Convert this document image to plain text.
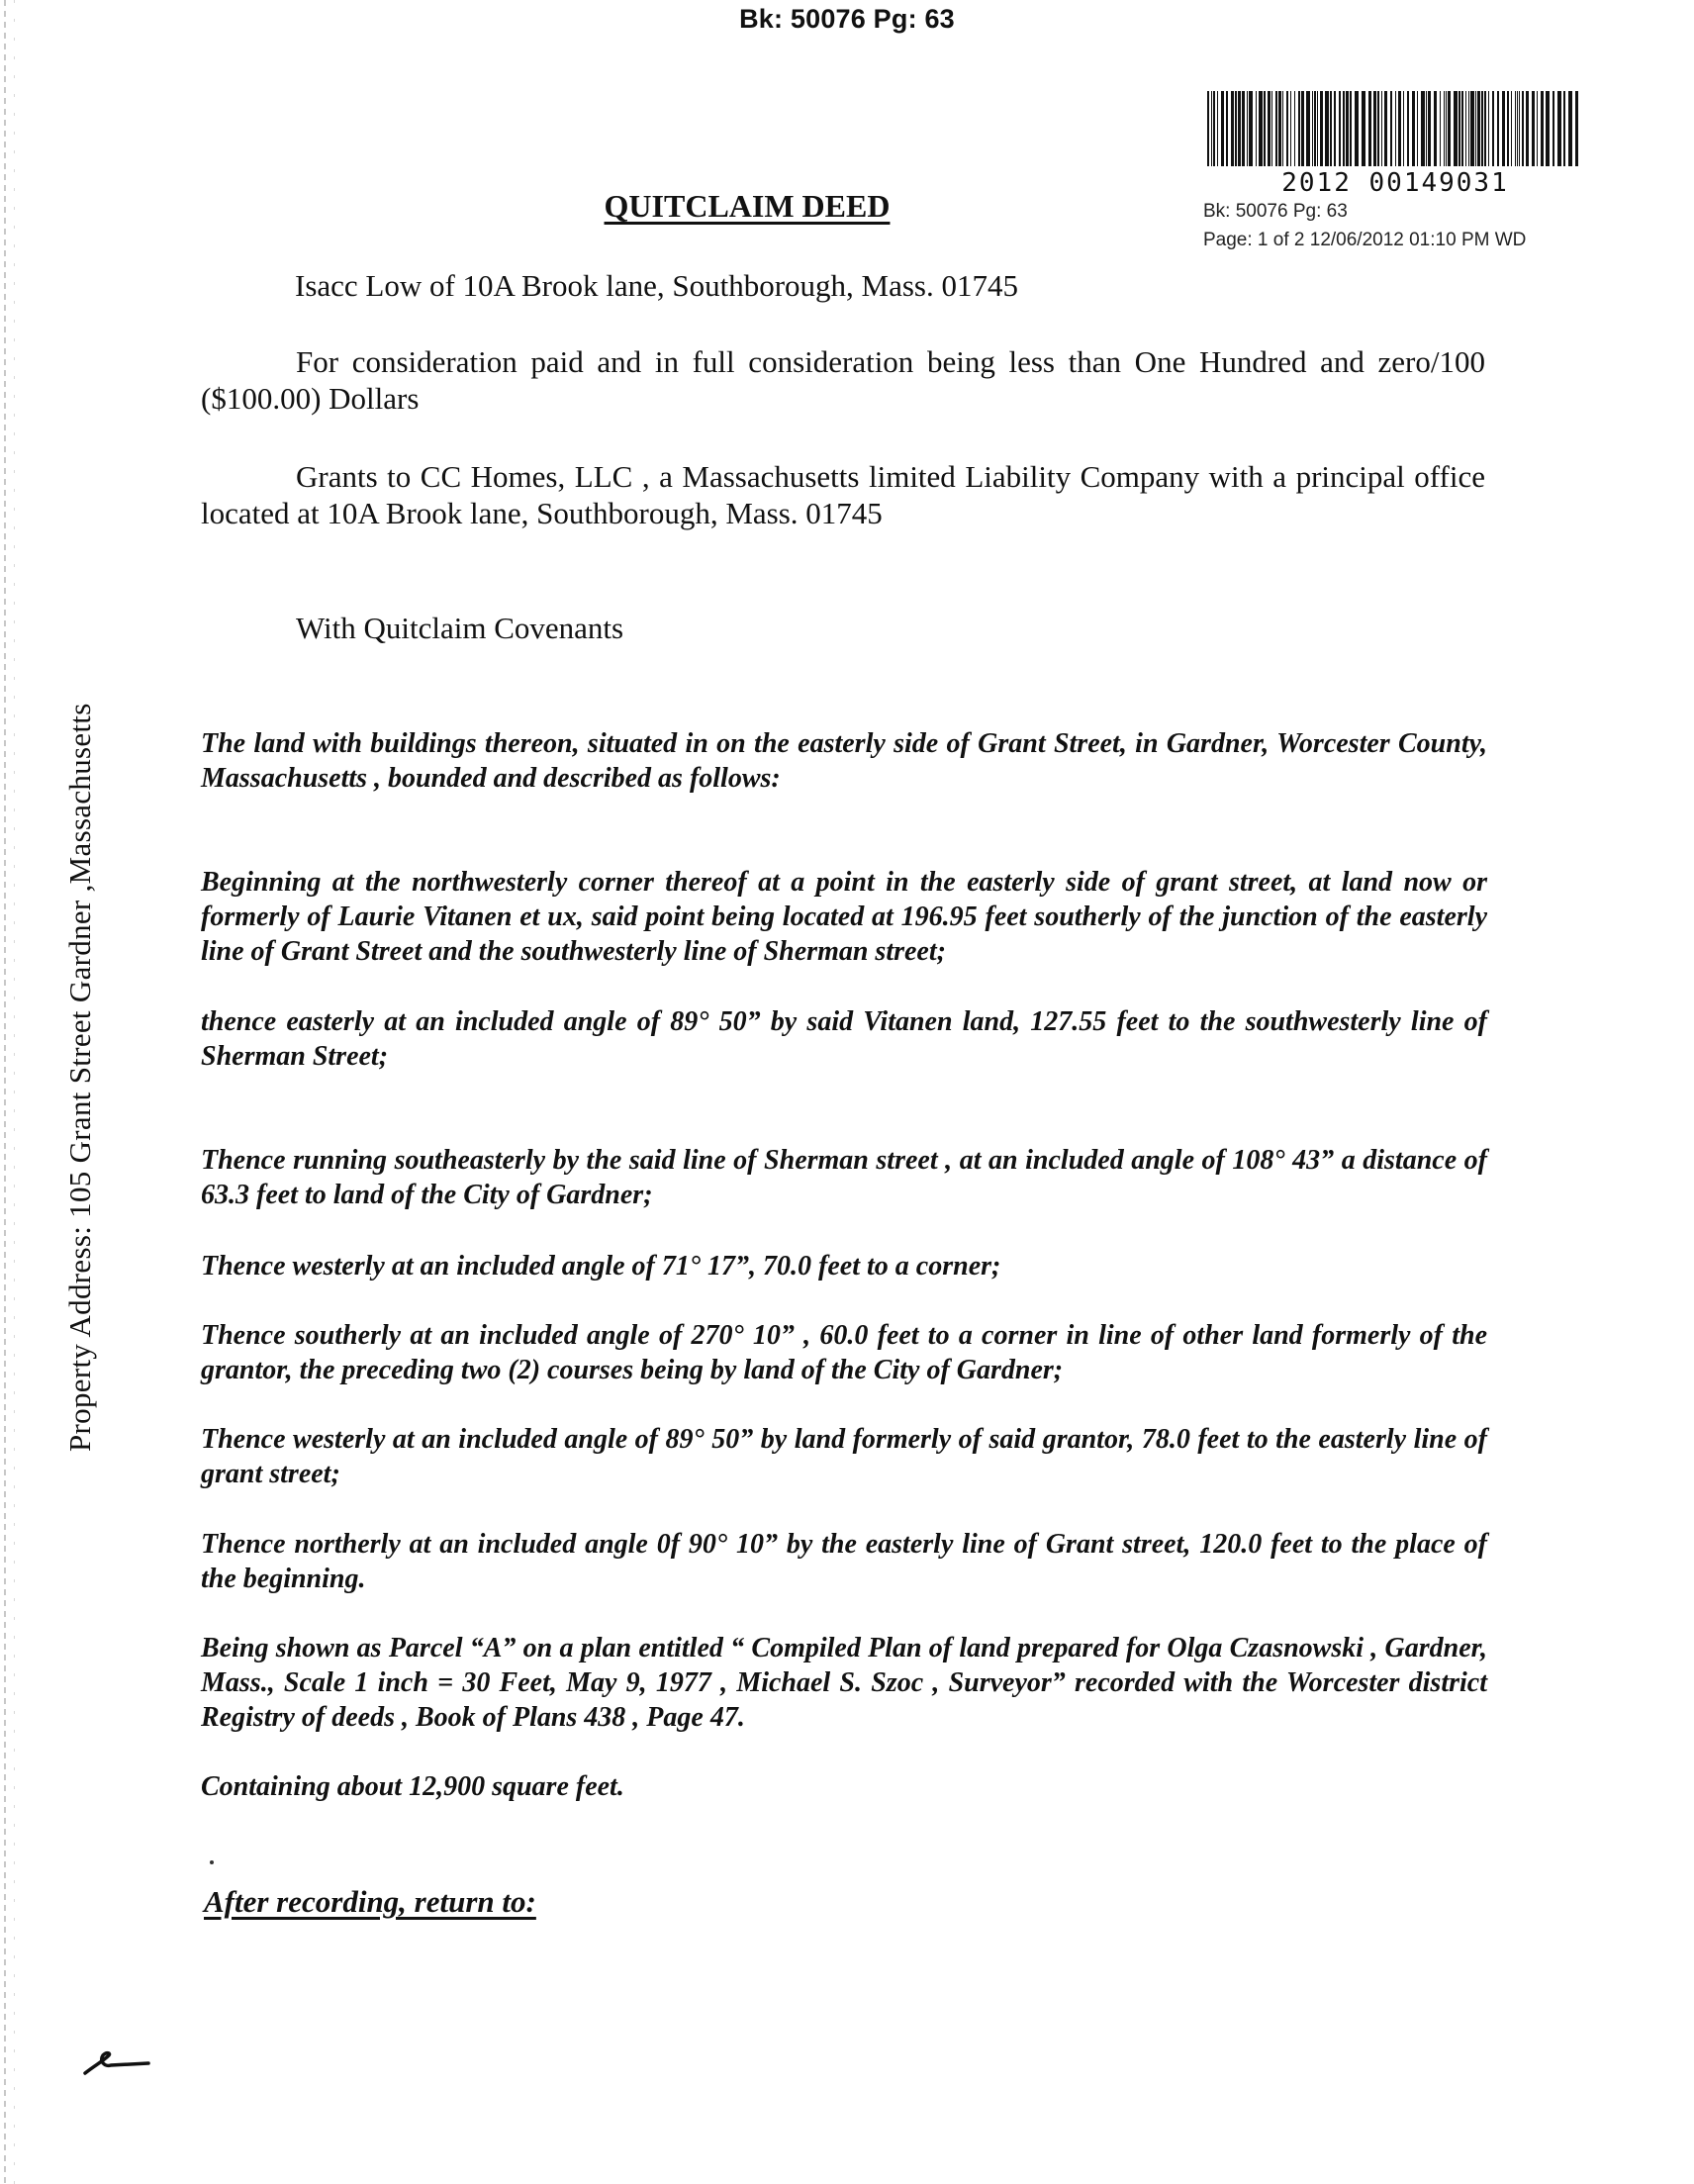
Bk: 50076 Pg: 63
2012 00149031
Bk: 50076 Pg: 63
Page: 1 of 2 12/06/2012 01:10 PM WD
QUITCLAIM DEED
Isacc Low of 10A Brook lane, Southborough, Mass. 01745
For consideration paid and in full consideration being less than One Hundred and zero/100 ($100.00) Dollars
Grants to CC Homes, LLC , a Massachusetts limited Liability Company with a principal office located at 10A Brook lane, Southborough, Mass. 01745
With Quitclaim Covenants
The land with buildings thereon, situated in on the easterly side of Grant Street, in Gardner, Worcester County, Massachusetts , bounded and described as follows:
Beginning at the northwesterly corner thereof at a point in the easterly side of grant street, at land now or formerly of Laurie Vitanen et ux, said point being located at 196.95 feet southerly of the junction of the easterly line of Grant Street and the southwesterly line of Sherman street;
thence easterly at an included angle of 89° 50” by said Vitanen land, 127.55 feet to the southwesterly line of Sherman Street;
Thence running southeasterly by the said line of Sherman street , at an included angle of 108° 43” a distance of 63.3 feet to land of the City of Gardner;
Thence westerly at an included angle of 71° 17”, 70.0 feet to a corner;
Thence southerly at an included angle of 270° 10” , 60.0 feet to a corner in line of other land formerly of the grantor, the preceding two (2) courses being by land of the City of Gardner;
Thence westerly at an included angle of 89° 50” by land formerly of said grantor, 78.0 feet to the easterly line of grant street;
Thence northerly at an included angle 0f 90° 10” by the easterly line of Grant street, 120.0 feet to the place of the beginning.
Being shown as Parcel “A” on a plan entitled “ Compiled Plan of land prepared for Olga Czasnowski , Gardner, Mass., Scale 1 inch = 30 Feet, May 9, 1977 , Michael S. Szoc , Surveyor” recorded with the Worcester district Registry of deeds , Book of Plans 438 , Page 47.
Containing about 12,900 square feet.
After recording, return to:
Property Address: 105 Grant Street Gardner ,Massachusetts
